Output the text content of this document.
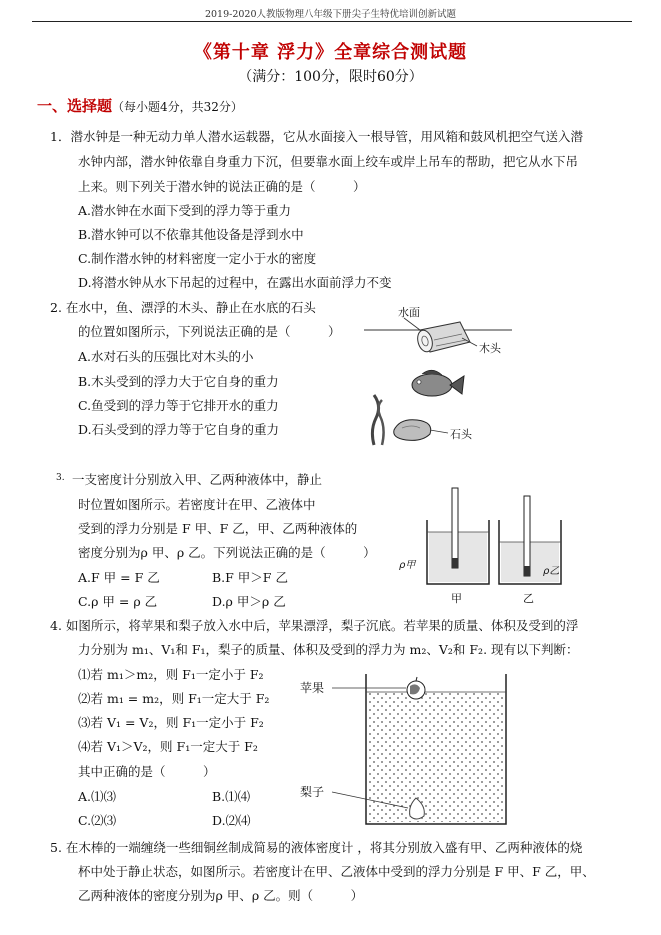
2019-2020人教版物理八年级下册尖子生特优培训创新试题
《第十章 浮力》全章综合测试题
（满分：100分，限时60分）
一、选择题（每小题4分，共32分）
1．潜水钟是一种无动力单人潜水运载器，它从水面接入一根导管，用风箱和鼓风机把空气送入潜
水钟内部，潜水钟依靠自身重力下沉，但要靠水面上绞车或岸上吊车的帮助，把它从水下吊
上来。则下列关于潜水钟的说法正确的是（　　　）
A.潜水钟在水面下受到的浮力等于重力
B.潜水钟可以不依靠其他设备是浮到水中
C.制作潜水钟的材料密度一定小于水的密度
D.将潜水钟从水下吊起的过程中，在露出水面前浮力不变
2. 在水中，鱼、漂浮的木头、静止在水底的石头
的位置如图所示，下列说法正确的是（　　　）
A.水对石头的压强比对木头的小
B.木头受到的浮力大于它自身的重力
C.鱼受到的浮力等于它排开水的重力
D.石头受到的浮力等于它自身的重力
水面
木头
石头
3. 一支密度计分别放入甲、乙两种液体中，静止
时位置如图所示。若密度计在甲、乙液体中
受到的浮力分别是 F 甲、F 乙，甲、乙两种液体的
密度分别为ρ 甲、ρ 乙。下列说法正确的是（　　　）
A.F 甲 = F 乙	B.F 甲＞F 乙
C.ρ 甲 = ρ 乙	D.ρ 甲＞ρ 乙
ρ甲
ρ乙
甲	乙
4. 如图所示，将苹果和梨子放入水中后，苹果漂浮，梨子沉底。若苹果的质量、体积及受到的浮
力分别为 m₁、V₁和 F₁，梨子的质量、体积及受到的浮力为 m₂、V₂和 F₂. 现有以下判断：
⑴若 m₁＞m₂，则 F₁一定小于 F₂
⑵若 m₁ = m₂，则 F₁一定大于 F₂
⑶若 V₁ = V₂，则 F₁一定小于 F₂
⑷若 V₁＞V₂，则 F₁一定大于 F₂
其中正确的是（　　　）
A.⑴⑶	B.⑴⑷
C.⑵⑶	D.⑵⑷
苹果
梨子
5. 在木棒的一端缠绕一些细铜丝制成简易的液体密度计 ，将其分别放入盛有甲、乙两种液体的烧
杯中处于静止状态，如图所示。若密度计在甲、乙液体中受到的浮力分别是 F 甲、F 乙，甲、
乙两种液体的密度分别为ρ 甲、ρ 乙。则（　　　）
